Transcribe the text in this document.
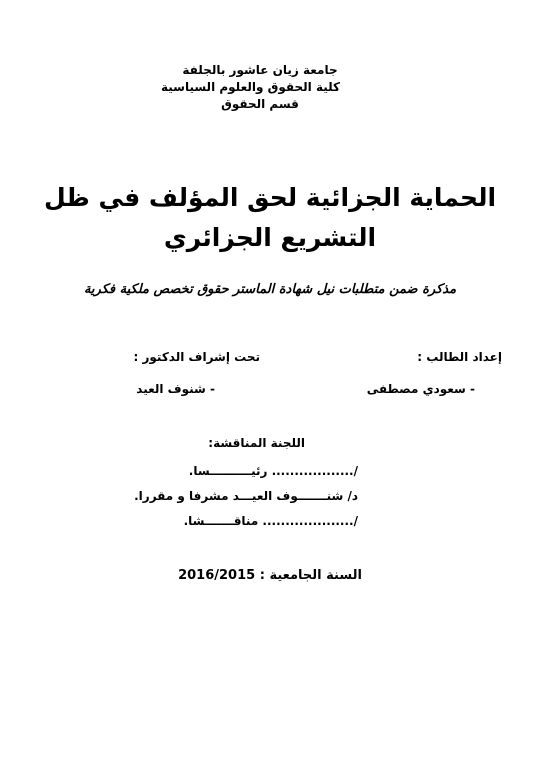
جامعة زيان عاشور بالجلفة
كلية الحقوق والعلوم السياسية
قسم الحقوق
الحماية الجزائية لحق المؤلف في ظل
التشريع الجزائري
مذكرة ضمن متطلبات نيل شهادة الماستر حقوق تخصص ملكية فكرية
إعداد الطالب :
تحت إشراف الدكتور :
- سعودي مصطفى
- شنوف العيد
اللجنة المناقشة:
/.................. رئيــــــــــسا.
د/ شنـــــــوف العيـــد مشرفا و مقررا.
/.................... مناقـــــــشا.
السنة الجامعية : 2016/2015
